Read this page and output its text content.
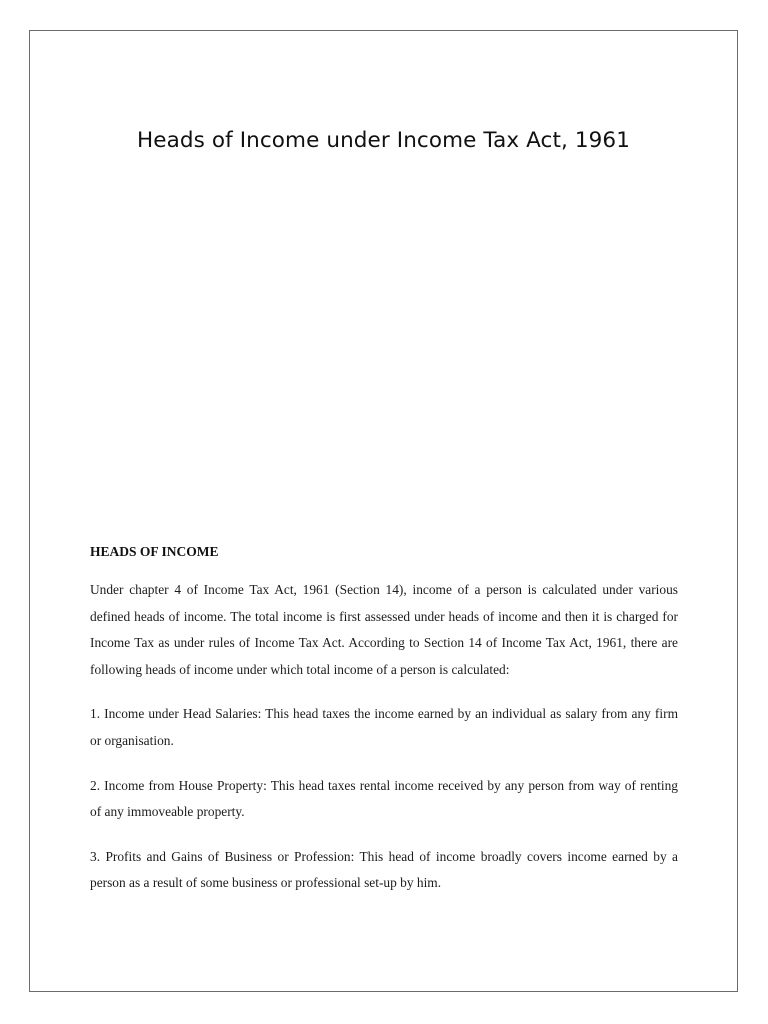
Heads of Income under Income Tax Act, 1961
HEADS OF INCOME

Under chapter 4 of Income Tax Act, 1961 (Section 14), income of a person is calculated under various defined heads of income. The total income is first assessed under heads of income and then it is charged for Income Tax as under rules of Income Tax Act. According to Section 14 of Income Tax Act, 1961, there are following heads of income under which total income of a person is calculated:

1. Income under Head Salaries: This head taxes the income earned by an individual as salary from any firm or organisation.

2. Income from House Property: This head taxes rental income received by any person from way of renting of any immoveable property.

3. Profits and Gains of Business or Profession: This head of income broadly covers income earned by a person as a result of some business or professional set-up by him.
